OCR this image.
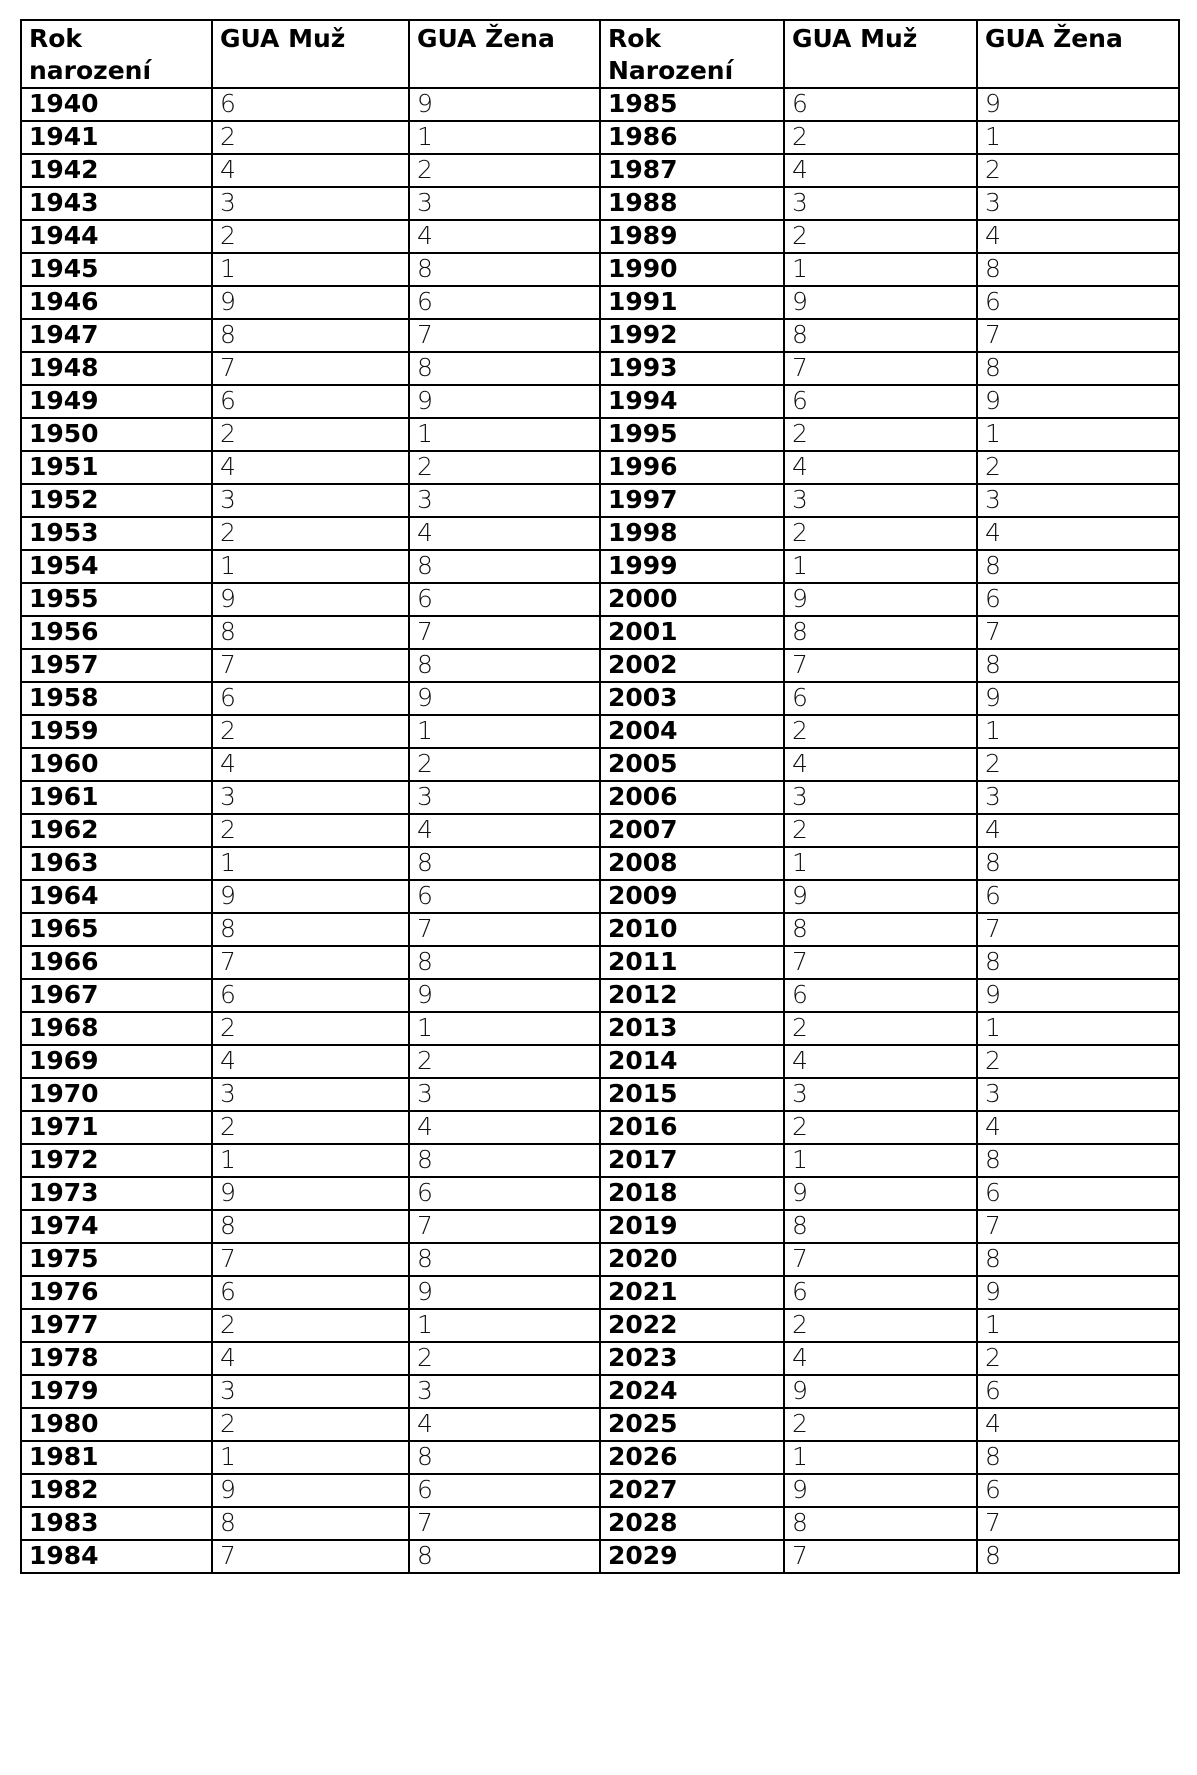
Rok narození	GUA Muž	GUA Žena	Rok Narození	GUA Muž	GUA Žena
1940	6	9	1985	6	9
1941	2	1	1986	2	1
1942	4	2	1987	4	2
1943	3	3	1988	3	3
1944	2	4	1989	2	4
1945	1	8	1990	1	8
1946	9	6	1991	9	6
1947	8	7	1992	8	7
1948	7	8	1993	7	8
1949	6	9	1994	6	9
1950	2	1	1995	2	1
1951	4	2	1996	4	2
1952	3	3	1997	3	3
1953	2	4	1998	2	4
1954	1	8	1999	1	8
1955	9	6	2000	9	6
1956	8	7	2001	8	7
1957	7	8	2002	7	8
1958	6	9	2003	6	9
1959	2	1	2004	2	1
1960	4	2	2005	4	2
1961	3	3	2006	3	3
1962	2	4	2007	2	4
1963	1	8	2008	1	8
1964	9	6	2009	9	6
1965	8	7	2010	8	7
1966	7	8	2011	7	8
1967	6	9	2012	6	9
1968	2	1	2013	2	1
1969	4	2	2014	4	2
1970	3	3	2015	3	3
1971	2	4	2016	2	4
1972	1	8	2017	1	8
1973	9	6	2018	9	6
1974	8	7	2019	8	7
1975	7	8	2020	7	8
1976	6	9	2021	6	9
1977	2	1	2022	2	1
1978	4	2	2023	4	2
1979	3	3	2024	9	6
1980	2	4	2025	2	4
1981	1	8	2026	1	8
1982	9	6	2027	9	6
1983	8	7	2028	8	7
1984	7	8	2029	7	8
